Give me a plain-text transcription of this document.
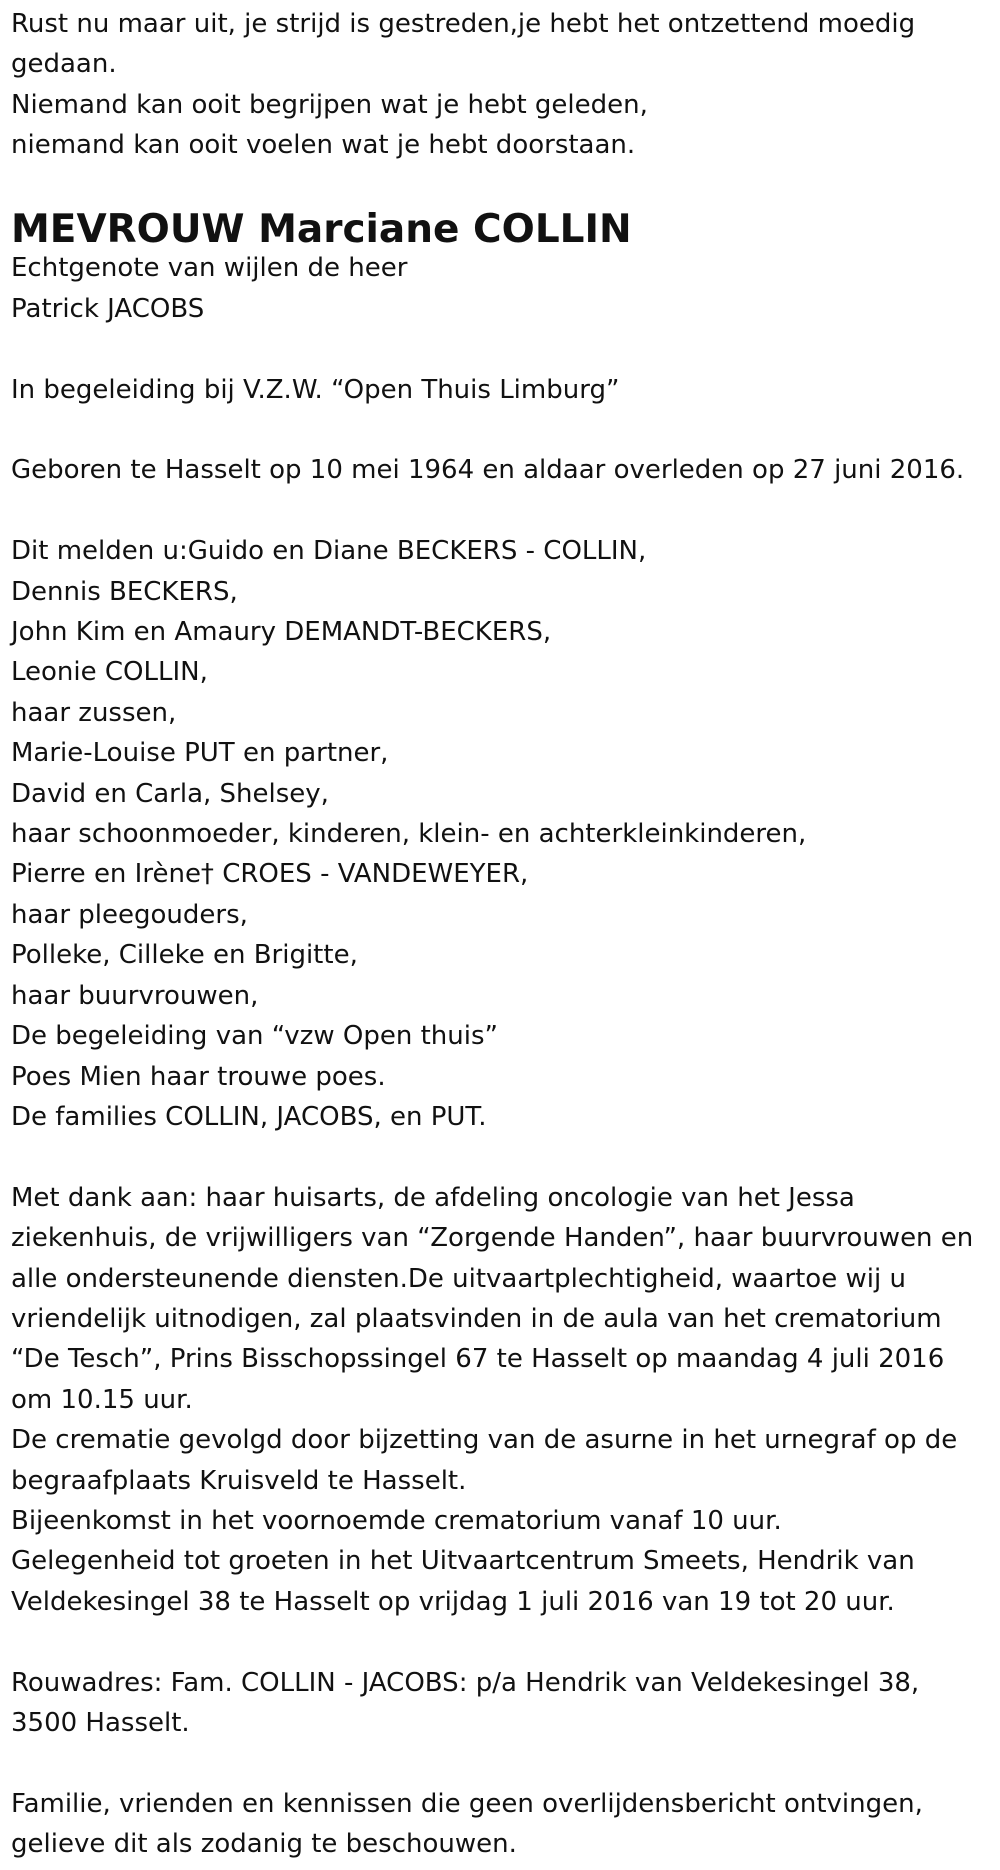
Rust nu maar uit, je strijd is gestreden,je hebt het ontzettend moedig

gedaan.

Niemand kan ooit begrijpen wat je hebt geleden,

niemand kan ooit voelen wat je hebt doorstaan.

MEVROUW Marciane COLLIN

Echtgenote van wijlen de heer

Patrick JACOBS

In begeleiding bij V.Z.W. “Open Thuis Limburg”

Geboren te Hasselt op 10 mei 1964 en aldaar overleden op 27 juni 2016.

Dit melden u:Guido en Diane BECKERS - COLLIN,

Dennis BECKERS,

John Kim en Amaury DEMANDT-BECKERS,

Leonie COLLIN,

haar zussen,

Marie-Louise PUT en partner,

David en Carla, Shelsey,

haar schoonmoeder, kinderen, klein- en achterkleinkinderen,

Pierre en Irène† CROES - VANDEWEYER,

haar pleegouders,

Polleke, Cilleke en Brigitte,

haar buurvrouwen,

De begeleiding van “vzw Open thuis”

Poes Mien haar trouwe poes.

De families COLLIN, JACOBS, en PUT.

Met dank aan: haar huisarts, de afdeling oncologie van het Jessa

ziekenhuis, de vrijwilligers van “Zorgende Handen”, haar buurvrouwen en

alle ondersteunende diensten.De uitvaartplechtigheid, waartoe wij u

vriendelijk uitnodigen, zal plaatsvinden in de aula van het crematorium

“De Tesch”, Prins Bisschopssingel 67 te Hasselt op maandag 4 juli 2016

om 10.15 uur.

De crematie gevolgd door bijzetting van de asurne in het urnegraf op de

begraafplaats Kruisveld te Hasselt.

Bijeenkomst in het voornoemde crematorium vanaf 10 uur.

Gelegenheid tot groeten in het Uitvaartcentrum Smeets, Hendrik van

Veldekesingel 38 te Hasselt op vrijdag 1 juli 2016 van 19 tot 20 uur.

Rouwadres: Fam. COLLIN - JACOBS: p/a Hendrik van Veldekesingel 38,

3500 Hasselt.

Familie, vrienden en kennissen die geen overlijdensbericht ontvingen,

gelieve dit als zodanig te beschouwen.
